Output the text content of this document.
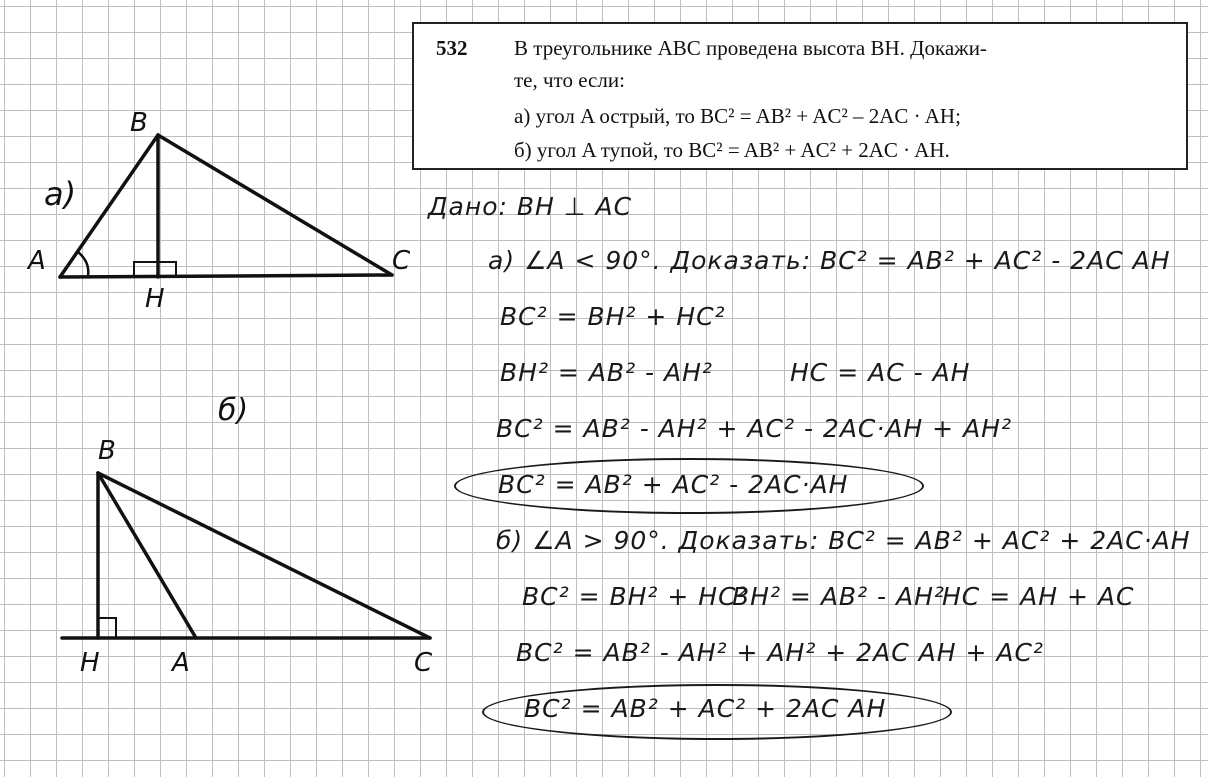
а)
B
A	C
H
б)
B
H	A	C
532 В треугольнике ABC проведена высота BH. Докажи-
те, что если:
а) угол A острый, то BC² = AB² + AC² – 2AC · AH;
б) угол A тупой, то BC² = AB² + AC² + 2AC · AH.
Дано: BH ⊥ AC
а) ∠A < 90°. Доказать: BC² = AB² + AC² - 2AC AH
BC² = BH² + HC²
BH² = AB² - AH²	HC = AC - AH
BC² = AB² - AH² + AC² - 2AC·AH + AH²
BC² = AB² + AC² - 2AC·AH
б) ∠A > 90°. Доказать: BC² = AB² + AC² + 2AC·AH
BC² = BH² + HC²
BH² = AB² - AH²
HC = AH + AC
BC² = AB² - AH² + AH² + 2AC AH + AC²
BC² = AB² + AC² + 2AC AH
